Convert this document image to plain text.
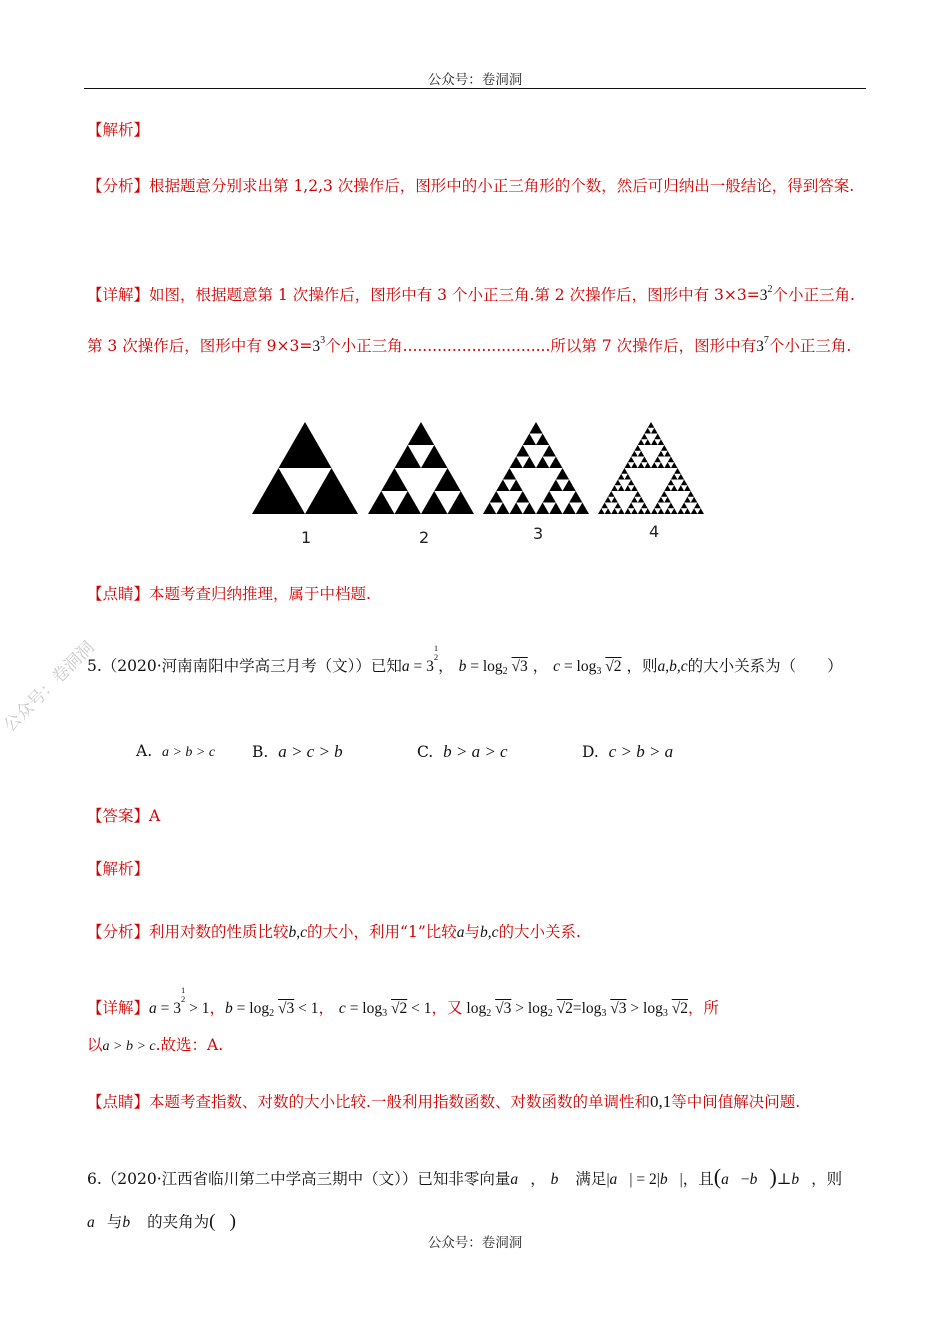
公众号：卷洞洞
公众号：卷洞洞
【解析】
【分析】根据题意分别求出第 1,2,3 次操作后，图形中的小正三角形的个数，然后可归纳出一般结论，得到答案.
【详解】如图，根据题意第 1 次操作后，图形中有 3 个小正三角.第 2 次操作后，图形中有 $3\times 3=3^2$个小正三角.第 3 次操作后，图形中有 $9\times 3=3^3$个小正三角..............................所以第 7 次操作后，图形中有$3^7$个小正三角.
1	2	3	4
【点睛】本题考查归纳推理，属于中档题.
5.（2020·河南南阳中学高三月考（文））已知a = 31
2， $b = \log_2 √3$ ， $c = \log_3 √2$ ，则a,b,c的大小关系为（　　）
A. a > b > c B. a > c > b	C. b > a > c	D. c > b > a
【答案】A
【解析】
【分析】利用对数的性质比较b,c的大小，利用“1”比较a与b,c的大小关系.
【详解】a = 31
2 > 1，$b = \log_2 √3 < 1$， $c = \log_3 √2 < 1$，又 $\log_2 √3 > \log_2 √2=\log_3$ $√3 > \log_3 √2$，所
以a > b > c.故选：A.
【点睛】本题考查指数、对数的大小比较.一般利用指数函数、对数函数的单调性和0,1等中间值解决问题.
6.（2020·江西省临川第二中学高三期中（文））已知非零向量a⃗， b⃗ 满足|a⃗| = 2|b⃗|，且(a⃗−b⃗)⊥b⃗，则
a⃗与b⃗ 的夹角为(   )
公众号：卷洞洞
